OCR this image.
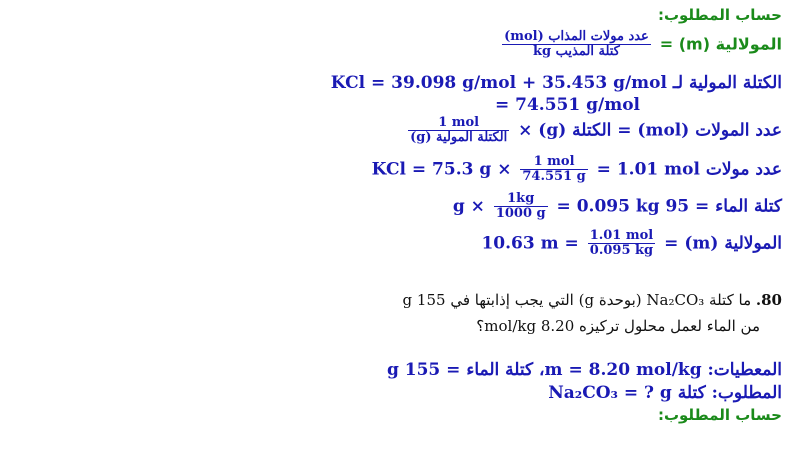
حساب المطلوب:
المولالية (m) =
$\frac{\text{(mol) عدد مولات المذاب}}{\text{kg كتلة المذيب}}$
الكتلة المولية لـ KCl = 39.098 g/mol + 35.453 g/mol
= 74.551 g/mol
عدد المولات (mol) = الكتلة (g) ×
$\frac{\text{1 mol}}{\text{(g) الكتلة المولية}}$
عدد مولات KCl = 75.3 g ×
$\frac{\text{1 mol}}{74.551 g} = 1.01$ mol
كتلة الماء = 95 g ×
$\frac{1kg}{1000 g} = 0.095$ kg
المولالية (m) =
$\frac{\text{1.01 mol}}{0.095 kg}$
= 10.63 m
80. ما كتلة Na₂CO₃ (بوحدة g) التي يجب إذابتها في 155 g
من الماء لعمل محلول تركيزه 8.20 mol/kg؟
المعطيات: m = 8.20 mol/kg، كتلة الماء = 155 g
المطلوب: كتلة Na₂CO₃ = ? g
حساب المطلوب:
